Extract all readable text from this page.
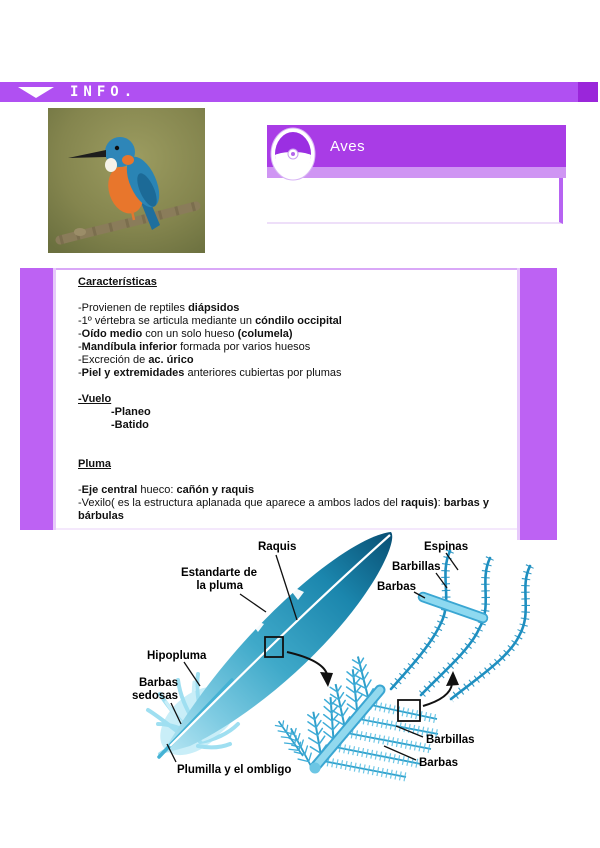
INFO.
Aves
Características
-Provienen de reptiles diápsidos
-1º vértebra se articula mediante un cóndilo occipital
-Oído medio con un solo hueso (columela)
-Mandíbula inferior formada por varios huesos
-Excreción de ac. úrico
-Piel y extremidades anteriores cubiertas por plumas
-Vuelo
-Planeo
-Batido
Pluma
-Eje central hueco: cañón y raquis
-Vexilo( es la estructura aplanada que aparece a ambos lados del raquis): barbas y bárbulas
Raquis
Estandarte de
la pluma
Hipopluma
Barbas
sedosas
Plumilla y el ombligo
Espinas
Barbillas
Barbas
Barbillas
Barbas
